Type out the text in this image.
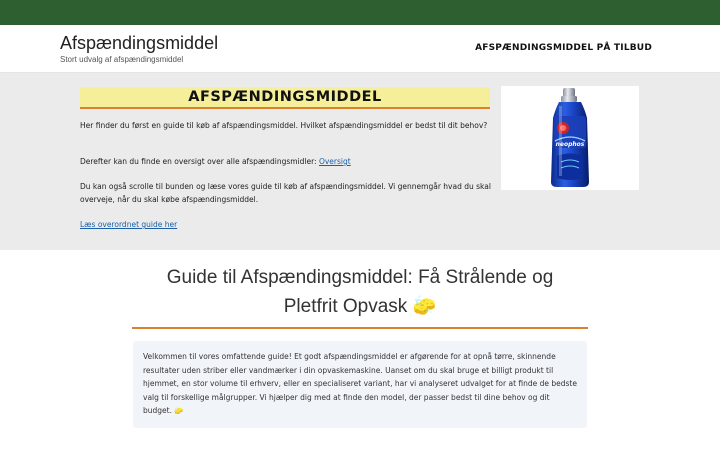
Afspændingsmiddel
Stort udvalg af afspændingsmiddel
AFSPÆNDINGSMIDDEL PÅ TILBUD
AFSPÆNDINGSMIDDEL

Her finder du først en guide til køb af afspændingsmiddel. Hvilket afspændingsmiddel er bedst til dit behov?

Derefter kan du finde en oversigt over alle afspændingsmidler: Oversigt

Du kan også scrolle til bunden og læse vores guide til køb af afspændingsmiddel. Vi gennemgår hvad du skal overveje, når du skal købe afspændingsmiddel.

Læs overordnet guide her

neophos
Guide til Afspændingsmiddel: Få Strålende og
Pletfrit Opvask 🧽
Velkommen til vores omfattende guide! Et godt afspændingsmiddel er afgørende for at opnå tørre, skinnende resultater uden striber eller vandmærker i din opvaskemaskine. Uanset om du skal bruge et billigt produkt til hjemmet, en stor volume til erhverv, eller en specialiseret variant, har vi analyseret udvalget for at finde de bedste valg til forskellige målgrupper. Vi hjælper dig med at finde den model, der passer bedst til dine behov og dit budget. 🧽
